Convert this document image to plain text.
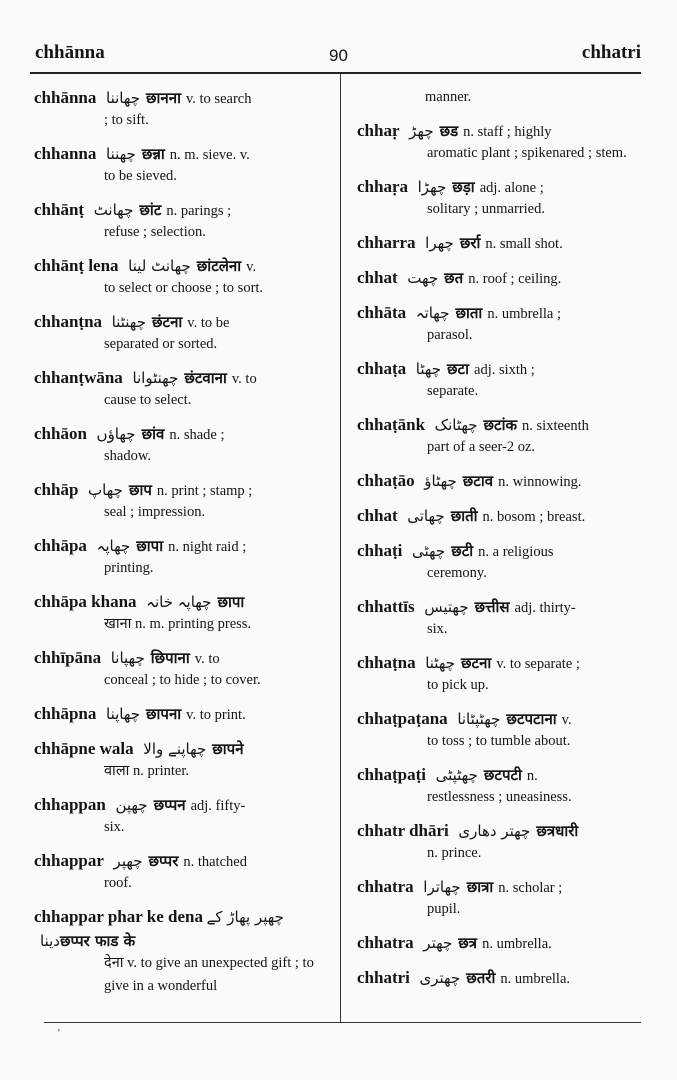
chhānna	90	chhatri
chhānna چھاننا छानना v. to search
; to sift.
chhanna چھننا छन्ना n. m. sieve. v.
to be sieved.
chhānṭ چھانٹ छांट n. parings ;
refuse ; selection.
chhānṭ lena چھانٹ لینا छांटलेना v.
to select or choose ; to sort.
chhanṭna چھنٹنا छंटना v. to be
separated or sorted.
chhanṭwāna چھنٹوانا छंटवाना v. to
cause to select.
chhāon چھاؤں छांव n. shade ;
shadow.
chhāp چھاپ छाप n. print ; stamp ;
seal ; impression.
chhāpa چھاپہ छापा n. night raid ;
printing.
chhāpa khana چھاپہ خانہ छापा
खाना n. m. printing press.
chhīpāna چھپانا छिपाना v. to
conceal ; to hide ; to cover.
chhāpna چھاپنا छापना v. to print.
chhāpne wala چھاپنے والا छापने
वाला n. printer.
chhappan چھپن छप्पन adj. fifty-
six.
chhappar چھپر छप्पर n. thatched
roof.
chhappar phar ke dena چھپر پھاڑ کے دیناछप्पर फाड के
देना v. to give an unexpected gift ; to give in a wonderful
manner.
chhaṛ چھڑ छड n. staff ; highly
aromatic plant ; spikenared ; stem.
chhaṛa چھڑا छड़ा adj. alone ;
solitary ; unmarried.
chharra چھرا छर्रा n. small shot.
chhat چھت छत n. roof ; ceiling.
chhāta چھاتہ छाता n. umbrella ;
parasol.
chhaṭa چھٹا छटा adj. sixth ;
separate.
chhaṭānk چھٹانک छटांक n. sixteenth
part of a seer-2 oz.
chhaṭāo چھٹاؤ छटाव n. winnowing.
chhat چھاتی छाती n. bosom ; breast.
chhaṭi چھٹی छटी n. a religious
ceremony.
chhattīs چھتیس छत्तीस adj. thirty-
six.
chhaṭna چھٹنا छटना v. to separate ;
to pick up.
chhaṭpaṭana چھٹپٹانا छटपटाना v.
to toss ; to tumble about.
chhaṭpaṭi چھٹپٹی छटपटी n.
restlessness ; uneasiness.
chhatr dhāri چھتر دھاری छत्रधारी
n. prince.
chhatra چھاترا छात्रा n. scholar ;
pupil.
chhatra چھتر छत्र n. umbrella.
chhatri چھتری छतरी n. umbrella.
'
